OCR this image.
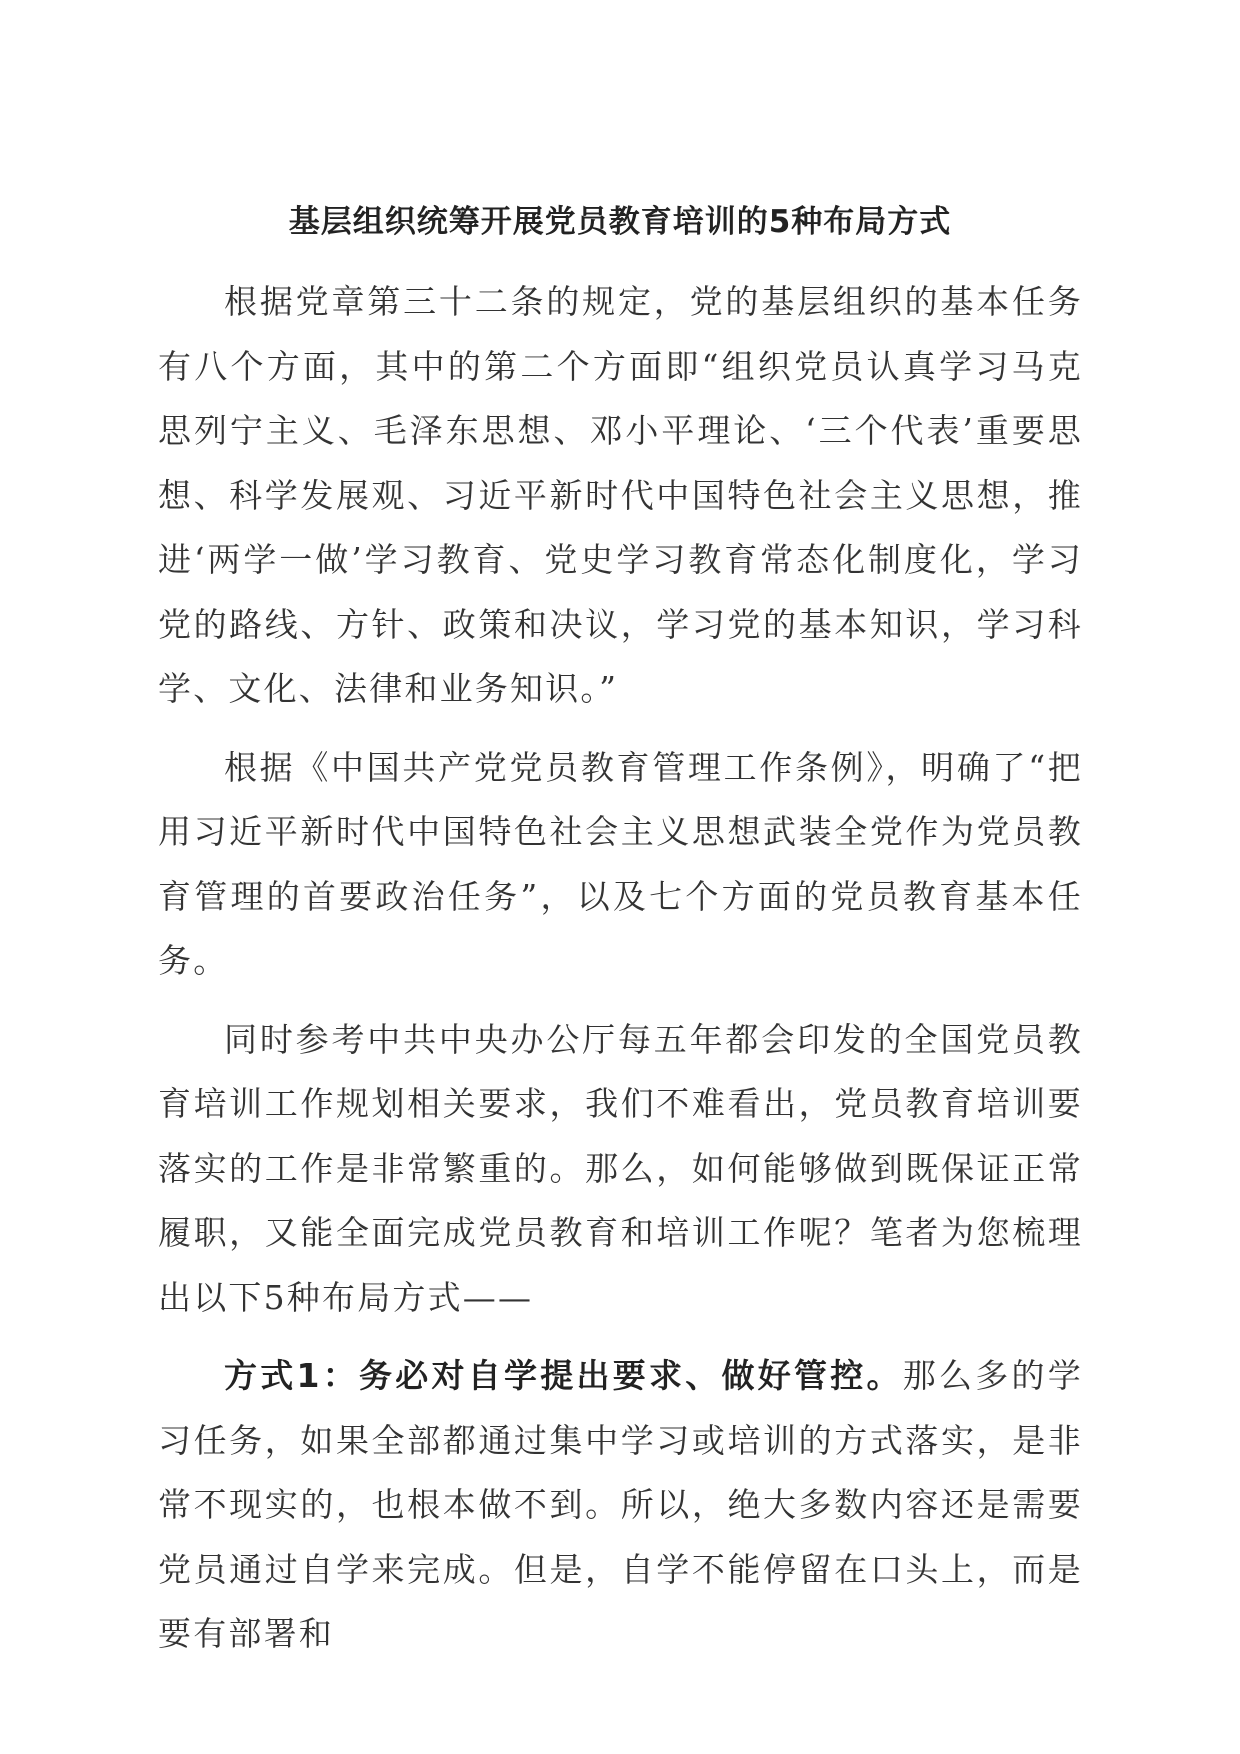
基层组织统筹开展党员教育培训的5种布局方式

根据党章第三十二条的规定，党的基层组织的基本任务有八个方面，其中的第二个方面即“组织党员认真学习马克思列宁主义、毛泽东思想、邓小平理论、‘三个代表’重要思想、科学发展观、习近平新时代中国特色社会主义思想，推进‘两学一做’学习教育、党史学习教育常态化制度化，学习党的路线、方针、政策和决议，学习党的基本知识，学习科学、文化、法律和业务知识。”

根据《中国共产党党员教育管理工作条例》，明确了“把用习近平新时代中国特色社会主义思想武装全党作为党员教育管理的首要政治任务”，以及七个方面的党员教育基本任务。

同时参考中共中央办公厅每五年都会印发的全国党员教育培训工作规划相关要求，我们不难看出，党员教育培训要落实的工作是非常繁重的。那么，如何能够做到既保证正常履职，又能全面完成党员教育和培训工作呢？笔者为您梳理出以下5种布局方式——

方式1：务必对自学提出要求、做好管控。那么多的学习任务，如果全部都通过集中学习或培训的方式落实，是非常不现实的，也根本做不到。所以，绝大多数内容还是需要党员通过自学来完成。但是，自学不能停留在口头上，而是要有部署和
